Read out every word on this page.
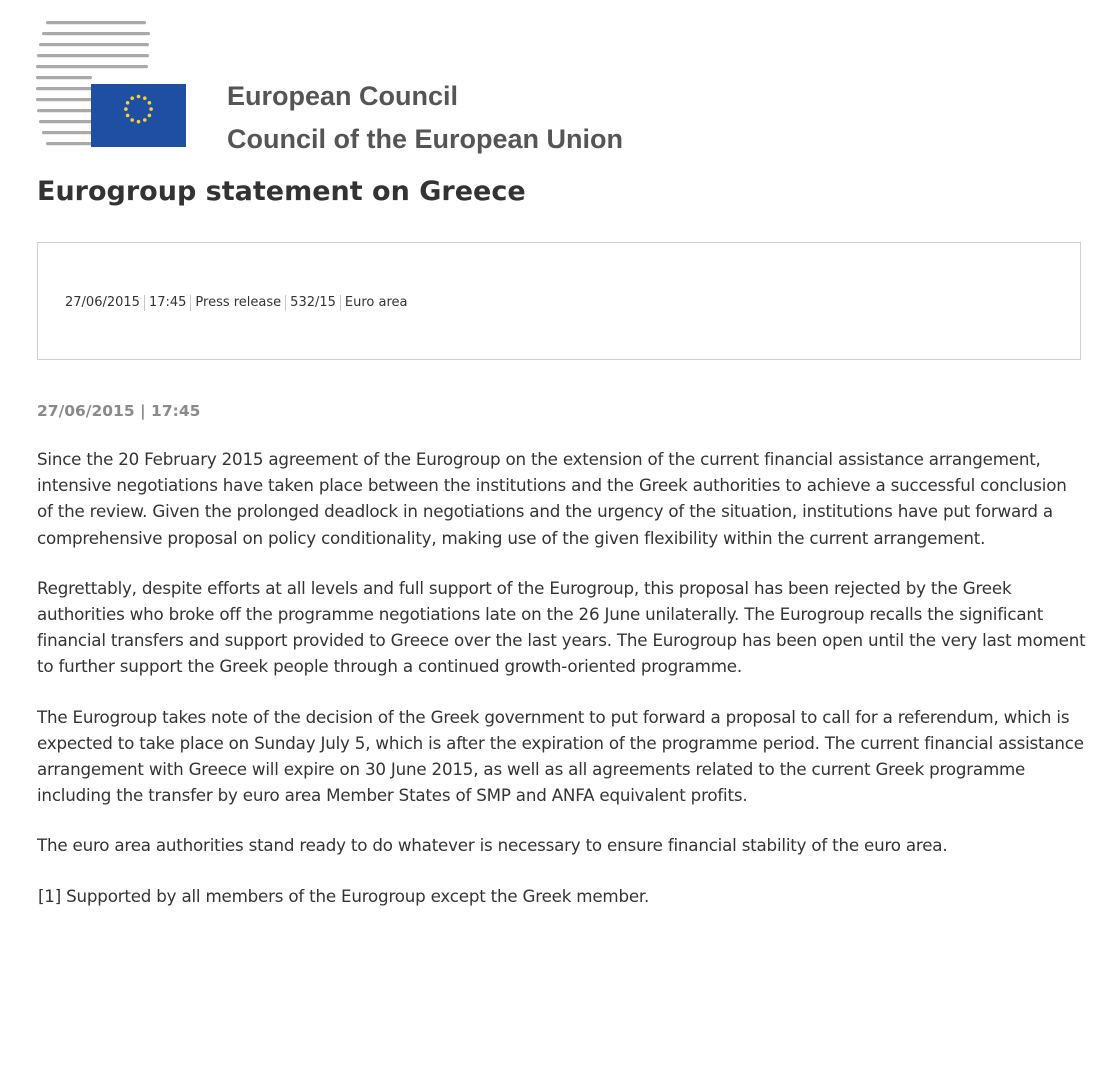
European Council
Council of the European Union
Eurogroup statement on Greece
27/06/2015 17:45 Press release 532/15 Euro area
27/06/2015 | 17:45

Since the 20 February 2015 agreement of the Eurogroup on the extension of the current financial assistance arrangement, intensive negotiations have taken place between the institutions and the Greek authorities to achieve a successful conclusion of the review. Given the prolonged deadlock in negotiations and the urgency of the situation, institutions have put forward a comprehensive proposal on policy conditionality, making use of the given flexibility within the current arrangement.

Regrettably, despite efforts at all levels and full support of the Eurogroup, this proposal has been rejected by the Greek authorities who broke off the programme negotiations late on the 26 June unilaterally. The Eurogroup recalls the significant financial transfers and support provided to Greece over the last years. The Eurogroup has been open until the very last moment to further support the Greek people through a continued growth-oriented programme.

The Eurogroup takes note of the decision of the Greek government to put forward a proposal to call for a referendum, which is expected to take place on Sunday July 5, which is after the expiration of the programme period. The current financial assistance arrangement with Greece will expire on 30 June 2015, as well as all agreements related to the current Greek programme including the transfer by euro area Member States of SMP and ANFA equivalent profits.

The euro area authorities stand ready to do whatever is necessary to ensure financial stability of the euro area.

[1] Supported by all members of the Eurogroup except the Greek member.
